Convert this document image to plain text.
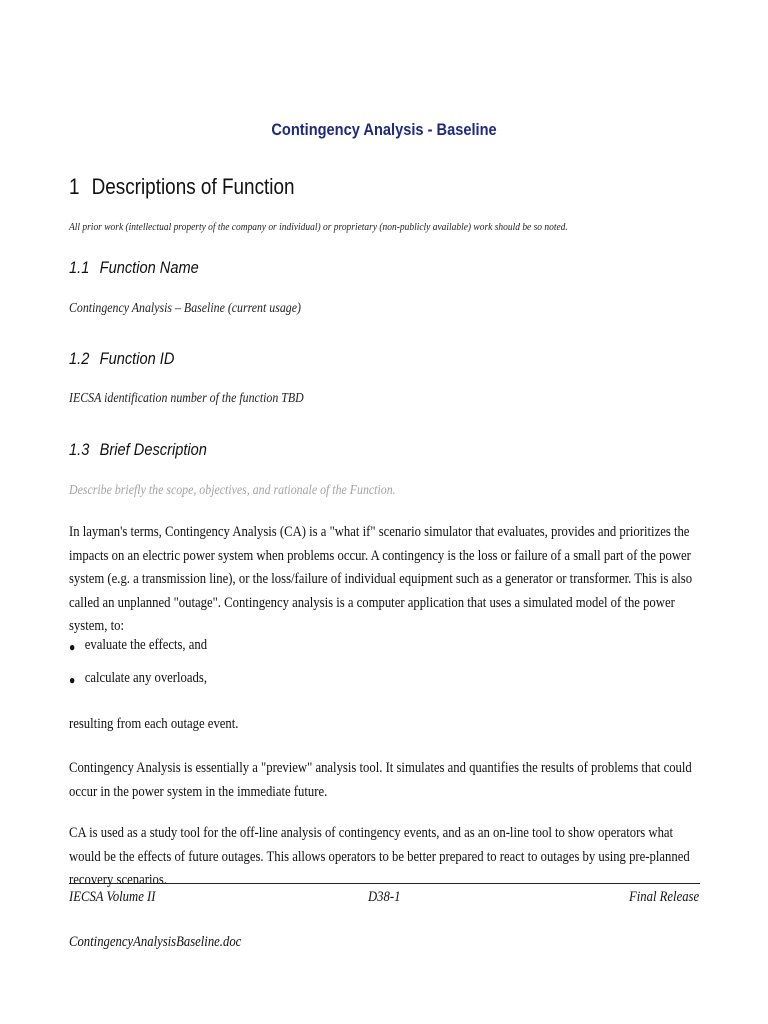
Contingency Analysis - Baseline
1 Descriptions of Function
All prior work (intellectual property of the company or individual) or proprietary (non-publicly available) work should be so noted.
1.1 Function Name
Contingency Analysis – Baseline (current usage)
1.2 Function ID
IECSA identification number of the function TBD
1.3 Brief Description
Describe briefly the scope, objectives, and rationale of the Function.
In layman's terms, Contingency Analysis (CA) is a "what if" scenario simulator that evaluates, provides and prioritizes the impacts on an electric power system when problems occur. A contingency is the loss or failure of a small part of the power system (e.g. a transmission line), or the loss/failure of individual equipment such as a generator or transformer. This is also called an unplanned "outage". Contingency analysis is a computer application that uses a simulated model of the power system, to:
● evaluate the effects, and
● calculate any overloads,
resulting from each outage event.
Contingency Analysis is essentially a "preview" analysis tool. It simulates and quantifies the results of problems that could occur in the power system in the immediate future.
CA is used as a study tool for the off-line analysis of contingency events, and as an on-line tool to show operators what would be the effects of future outages. This allows operators to be better prepared to react to outages by using pre-planned recovery scenarios.
IECSA Volume II	D38-1	Final Release
ContingencyAnalysisBaseline.doc
